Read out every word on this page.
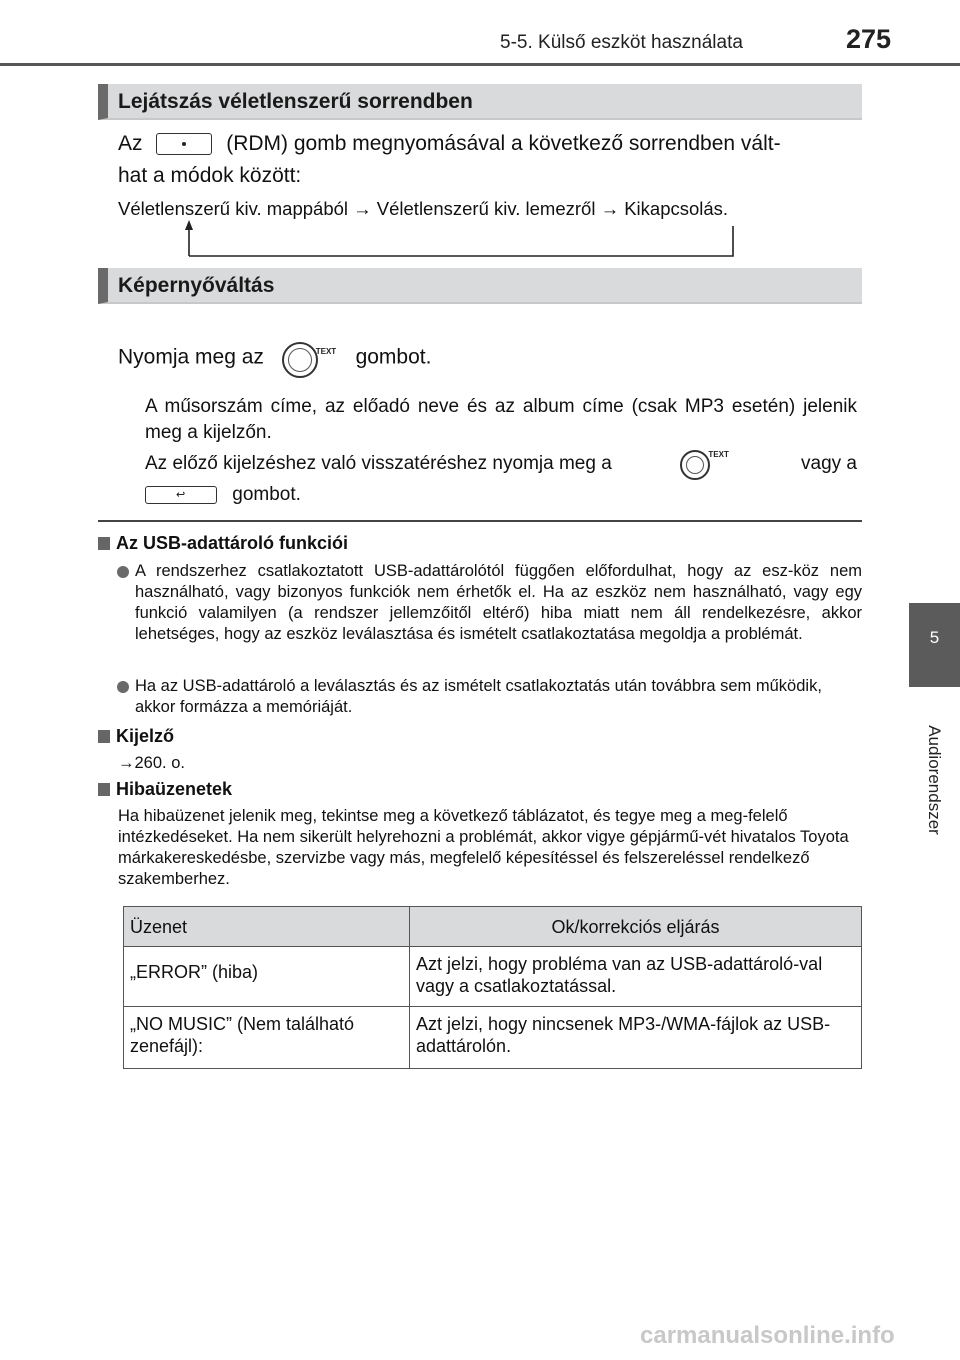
5-5. Külső eszköt használata	275
5
Audiorendszer
Lejátszás véletlenszerű sorrendben
Az	(RDM) gomb megnyomásával a következő sorrendben vált-
hat a módok között:
Véletlenszerű kiv. mappából → Véletlenszerű kiv. lemezről → Kikapcsolás.
Képernyőváltás
Nyomja meg az	TEXT gombot.
A műsorszám címe, az előadó neve és az album címe (csak MP3 esetén) jelenik meg a kijelzőn.
Az előző kijelzéshez való visszatéréshez nyomja meg a	TEXT	vagy a
↩ gombot.
Az USB-adattároló funkciói
A rendszerhez csatlakoztatott USB-adattárolótól függően előfordulhat, hogy az esz-köz nem használható, vagy bizonyos funkciók nem érhetők el. Ha az eszköz nem használható, vagy egy funkció valamilyen (a rendszer jellemzőitől eltérő) hiba miatt nem áll rendelkezésre, akkor lehetséges, hogy az eszköz leválasztása és ismételt csatlakoztatása megoldja a problémát.
Ha az USB-adattároló a leválasztás és az ismételt csatlakoztatás után továbbra sem működik, akkor formázza a memóriáját.
Kijelző
→260. o.
Hibaüzenetek
Ha hibaüzenet jelenik meg, tekintse meg a következő táblázatot, és tegye meg a meg-felelő intézkedéseket. Ha nem sikerült helyrehozni a problémát, akkor vigye gépjármű-vét hivatalos Toyota márkakereskedésbe, szervizbe vagy más, megfelelő képesítéssel és felszereléssel rendelkező szakemberhez.
Üzenet	Ok/korrekciós eljárás
„ERROR” (hiba)	Azt jelzi, hogy probléma van az USB-adattároló-val vagy a csatlakoztatással.
„NO MUSIC” (Nem található zenefájl):	Azt jelzi, hogy nincsenek MP3-/WMA-fájlok az USB-adattárolón.
carmanualsonline.info
